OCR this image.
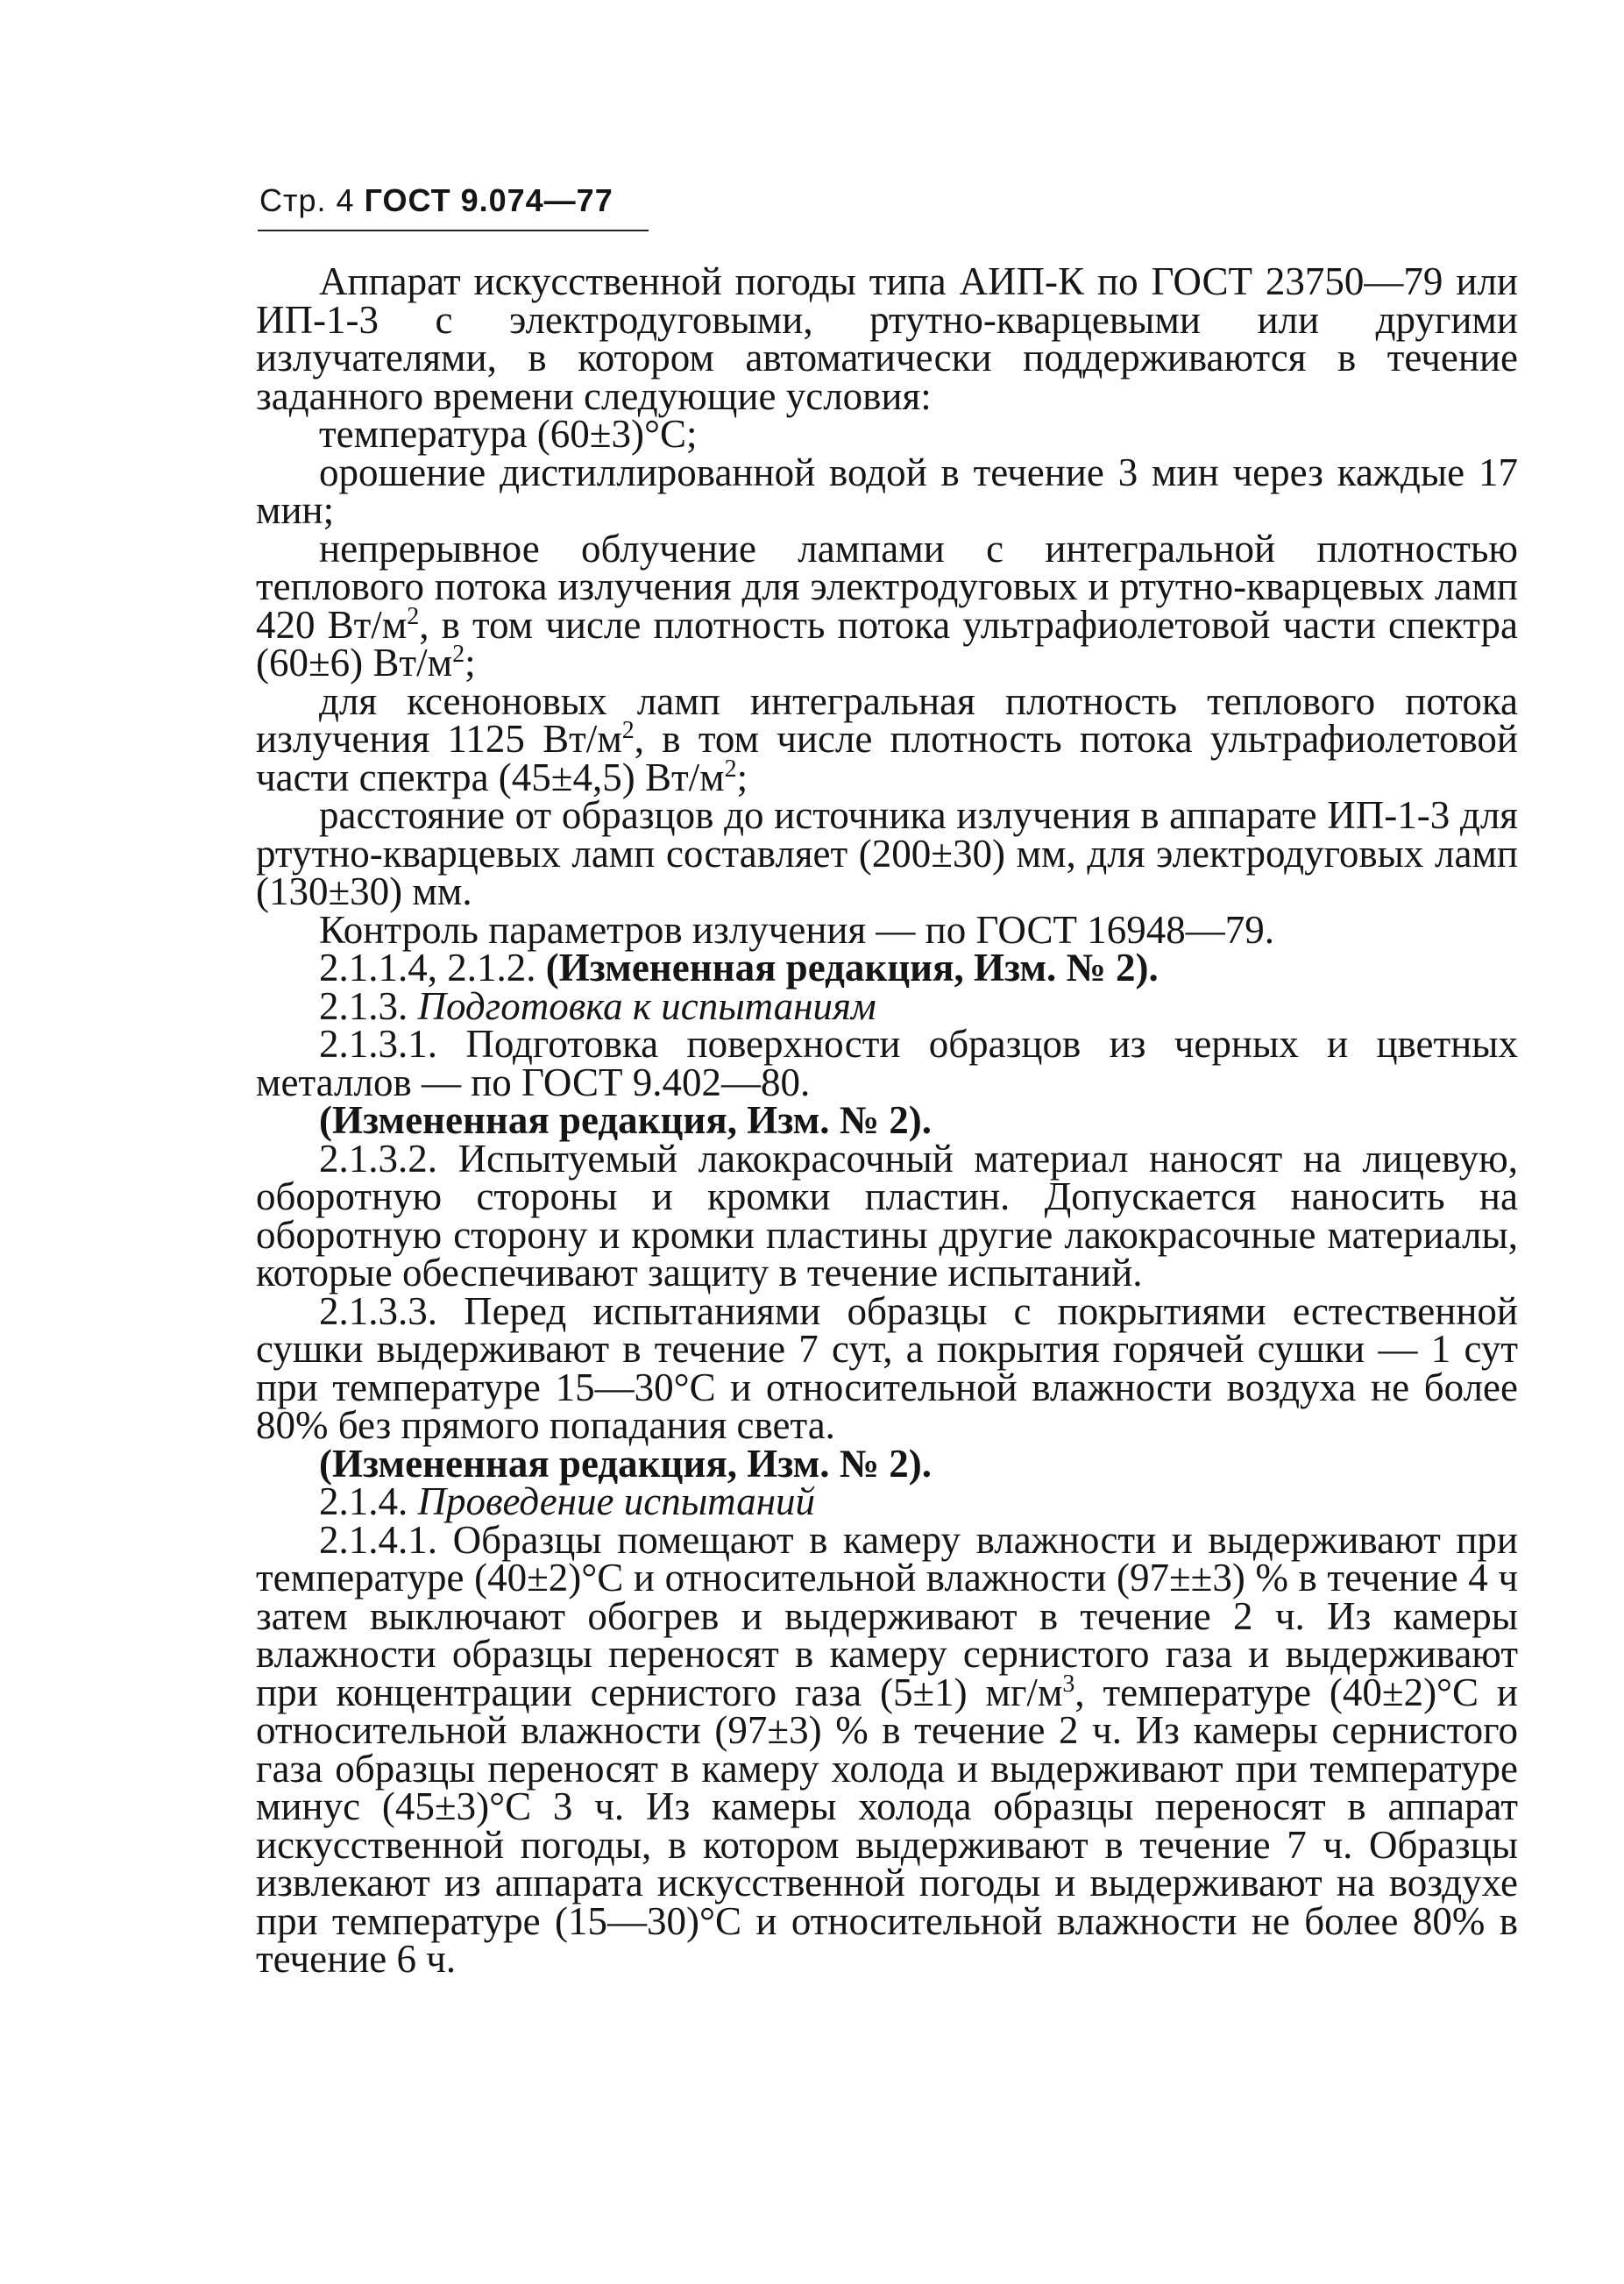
Стр. 4 ГОСТ 9.074—77

Аппарат искусственной погоды типа АИП-К по ГОСТ 23750—79 или ИП-1-3 с электродуговыми, ртутно-кварцевыми или другими излучателями, в котором автоматически поддерживаются в течение заданного времени следующие условия:

температура (60±3)°С;

орошение дистиллированной водой в течение 3 мин через каждые 17 мин;

непрерывное облучение лампами с интегральной плотностью теплового потока излучения для электродуговых и ртутно-кварцевых ламп 420 $Вт/м^2$, в том числе плотность потока ультрафиолетовой части спектра (60±6) $Вт/м^2$;

для ксеноновых ламп интегральная плотность теплового потока излучения 1125 $Вт/м^2$, в том числе плотность потока ультрафиолетовой части спектра (45±4,5) $Вт/м^2$;

расстояние от образцов до источника излучения в аппарате ИП-1-3 для ртутно-кварцевых ламп составляет (200±30) мм, для электродуговых ламп (130±30) мм.

Контроль параметров излучения — по ГОСТ 16948—79.

2.1.1.4, 2.1.2. (Измененная редакция, Изм. № 2).

2.1.3. Подготовка к испытаниям

2.1.3.1. Подготовка поверхности образцов из черных и цветных металлов — по ГОСТ 9.402—80.

(Измененная редакция, Изм. № 2).

2.1.3.2. Испытуемый лакокрасочный материал наносят на лицевую, оборотную стороны и кромки пластин. Допускается наносить на оборотную сторону и кромки пластины другие лакокрасочные материалы, которые обеспечивают защиту в течение испытаний.

2.1.3.3. Перед испытаниями образцы с покрытиями естественной сушки выдерживают в течение 7 сут, а покрытия горячей сушки — 1 сут при температуре 15—30°С и относительной влажности воздуха не более 80% без прямого попадания света.

(Измененная редакция, Изм. № 2).

2.1.4. Проведение испытаний

2.1.4.1. Образцы помещают в камеру влажности и выдерживают при температуре (40±2)°С и относительной влажности (97±±3) % в течение 4 ч затем выключают обогрев и выдерживают в течение 2 ч. Из камеры влажности образцы переносят в камеру сернистого газа и выдерживают при концентрации сернистого газа (5±1) $мг/м^3$, температуре (40±2)°С и относительной влажности (97±3) % в течение 2 ч. Из камеры сернистого газа образцы переносят в камеру холода и выдерживают при температуре минус (45±3)°С 3 ч. Из камеры холода образцы переносят в аппарат искусственной погоды, в котором выдерживают в течение 7 ч. Образцы извлекают из аппарата искусственной погоды и выдерживают на воздухе при температуре (15—30)°С и относительной влажности не более 80% в течение 6 ч.
